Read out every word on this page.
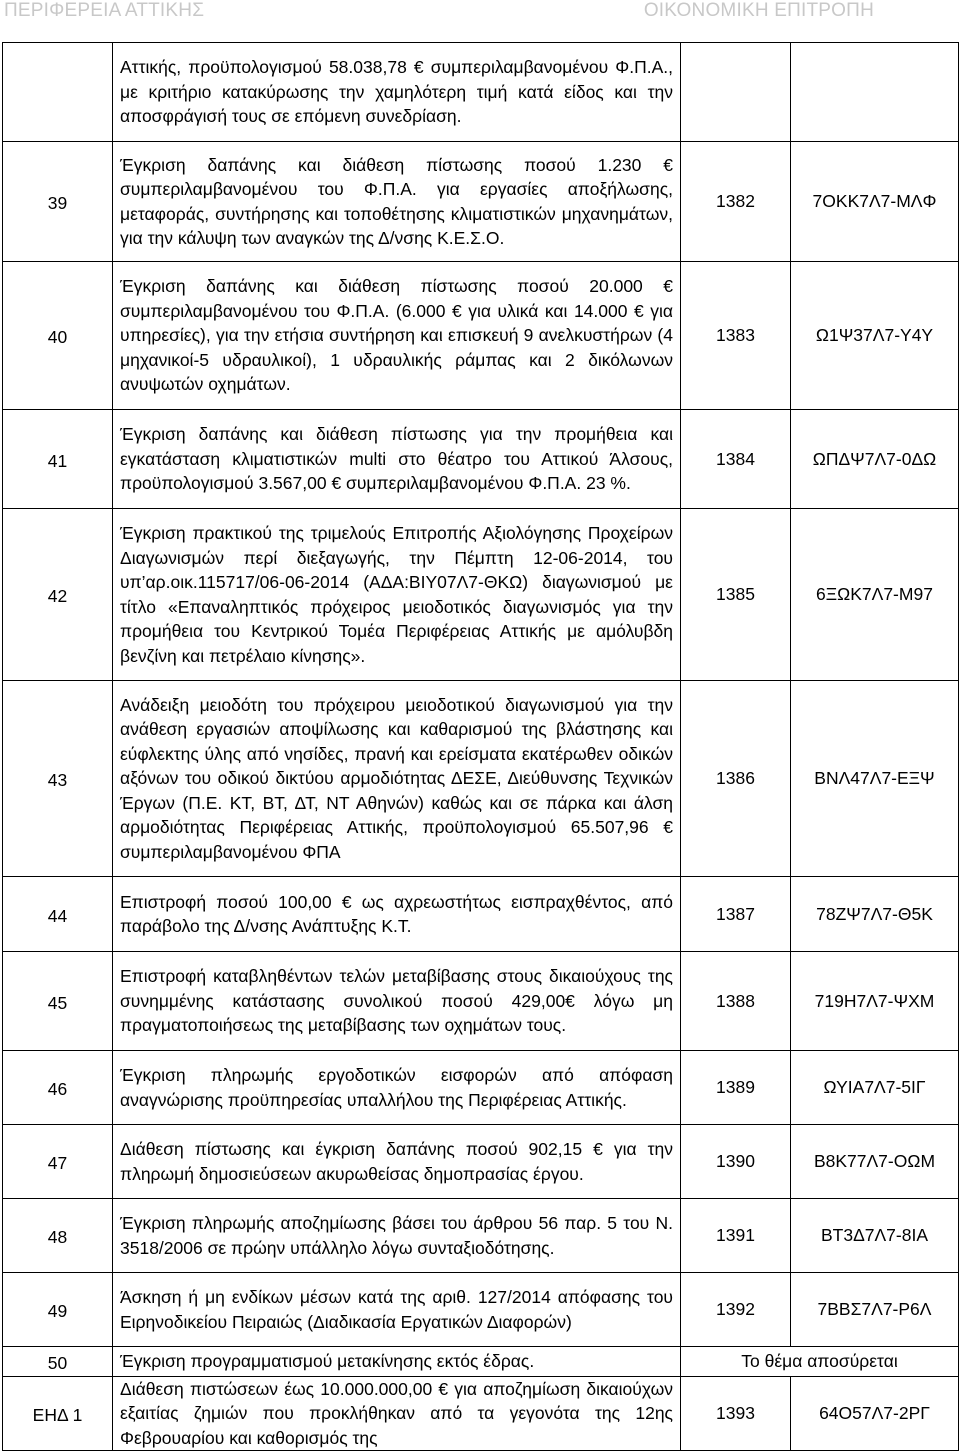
ΠΕΡΙΦΕΡΕΙΑ ΑΤΤΙΚΗΣ	ΟΙΚΟΝΟΜΙΚΗ ΕΠΙΤΡΟΠΗ
	Αττικής, προϋπολογισμού 58.038,78 € συμπεριλαμβανομένου Φ.Π.Α., με κριτήριο κατακύρωσης την χαμηλότερη τιμή κατά είδος και την αποσφράγισή τους σε επόμενη συνεδρίαση.		
39	Έγκριση δαπάνης και διάθεση πίστωσης ποσού 1.230 € συμπεριλαμβανομένου του Φ.Π.Α. για εργασίες αποξήλωσης, μεταφοράς, συντήρησης και τοποθέτησης κλιματιστικών μηχανημάτων, για την κάλυψη των αναγκών της Δ/νσης Κ.Ε.Σ.Ο.	1382	7ΟΚΚ7Λ7-ΜΛΦ
40	Έγκριση δαπάνης και διάθεση πίστωσης ποσού 20.000 € συμπεριλαμβανομένου του Φ.Π.Α. (6.000 € για υλικά και 14.000 € για υπηρεσίες), για την ετήσια συντήρηση και επισκευή 9 ανελκυστήρων (4 μηχανικοί-5 υδραυλικοί), 1 υδραυλικής ράμπας και 2 δικόλωνων ανυψωτών οχημάτων.	1383	Ω1Ψ37Λ7-Υ4Υ
41	Έγκριση δαπάνης και διάθεση πίστωσης για την προμήθεια και εγκατάσταση κλιματιστικών multi στο θέατρο του Αττικού Άλσους, προϋπολογισμού 3.567,00 € συμπεριλαμβανομένου Φ.Π.Α. 23 %.	1384	ΩΠΔΨ7Λ7-0ΔΩ
42	Έγκριση πρακτικού της τριμελούς Επιτροπής Αξιολόγησης Προχείρων Διαγωνισμών περί διεξαγωγής, την Πέμπτη 12-06-2014, του υπ’αρ.οικ.115717/06-06-2014 (ΑΔΑ:ΒΙΥ07Λ7-ΘΚΩ) διαγωνισμού με τίτλο «Επαναληπτικός πρόχειρος μειοδοτικός διαγωνισμός για την προμήθεια του Κεντρικού Τομέα Περιφέρειας Αττικής με αμόλυβδη βενζίνη και πετρέλαιο κίνησης».	1385	6ΞΩΚ7Λ7-Μ97
43	Ανάδειξη μειοδότη του πρόχειρου μειοδοτικού διαγωνισμού για την ανάθεση εργασιών αποψίλωσης και καθαρισμού της βλάστησης και εύφλεκτης ύλης από νησίδες, πρανή και ερείσματα εκατέρωθεν οδικών αξόνων του οδικού δικτύου αρμοδιότητας ΔΕΣΕ, Διεύθυνσης Τεχνικών Έργων (Π.Ε. ΚΤ, ΒΤ, ΔΤ, ΝΤ Αθηνών) καθώς και σε πάρκα και άλση αρμοδιότητας Περιφέρειας Αττικής, προϋπολογισμού 65.507,96 € συμπεριλαμβανομένου ΦΠΑ	1386	ΒΝΛ47Λ7-ΕΞΨ
44	Επιστροφή ποσού 100,00 € ως αχρεωστήτως εισπραχθέντος, από παράβολο της Δ/νσης Ανάπτυξης Κ.Τ.	1387	78ΖΨ7Λ7-Θ5Κ
45	Επιστροφή καταβληθέντων τελών μεταβίβασης στους δικαιούχους της συνημμένης κατάστασης συνολικού ποσού 429,00€ λόγω μη πραγματοποιήσεως της μεταβίβασης των οχημάτων τους.	1388	719Η7Λ7-ΨΧΜ
46	Έγκριση πληρωμής εργοδοτικών εισφορών από απόφαση αναγνώρισης προϋπηρεσίας υπαλλήλου της Περιφέρειας Αττικής.	1389	ΩΥΙΑ7Λ7-5ΙΓ
47	Διάθεση πίστωσης και έγκριση δαπάνης ποσού 902,15 € για την πληρωμή δημοσιεύσεων ακυρωθείσας δημοπρασίας έργου.	1390	Β8Κ77Λ7-ΟΩΜ
48	Έγκριση πληρωμής αποζημίωσης βάσει του άρθρου 56 παρ. 5 του Ν. 3518/2006 σε πρώην υπάλληλο λόγω συνταξιοδότησης.	1391	ΒΤ3Δ7Λ7-8ΙΑ
49	Άσκηση ή μη ενδίκων μέσων κατά της αριθ. 127/2014 απόφασης του Ειρηνοδικείου Πειραιώς (Διαδικασία Εργατικών Διαφορών)	1392	7ΒΒΣ7Λ7-Ρ6Λ
50	Έγκριση προγραμματισμού μετακίνησης εκτός έδρας.	Το θέμα αποσύρεται	
ΕΗΔ 1	Διάθεση πιστώσεων έως 10.000.000,00 € για αποζημίωση δικαιούχων εξαιτίας ζημιών που προκλήθηκαν από τα γεγονότα της 12ης Φεβρουαρίου και καθορισμός της	1393	64Ο57Λ7-2ΡΓ
